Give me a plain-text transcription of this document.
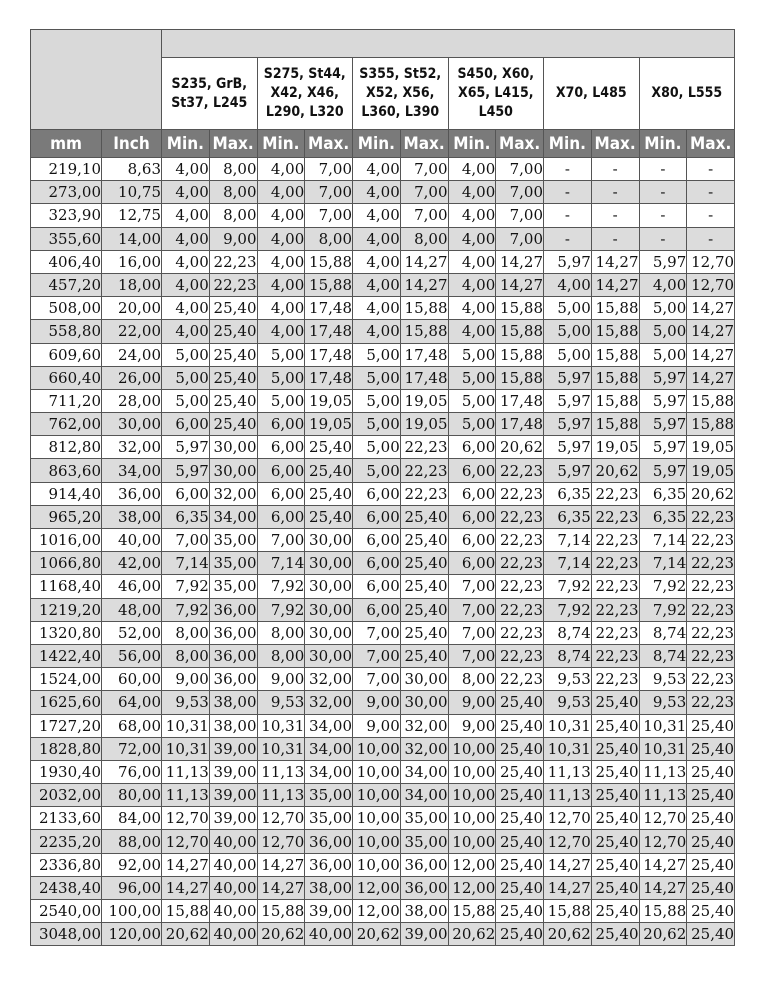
		S235, GrB,
St37, L245		S275, St44,
X42, X46,
L290, L320		S355, St52,
X52, X56,
L360, L390		S450, X60,
X65, L415,
L450		X70, L485		X80, L555	
mm	Inch	Min.	Max.	Min.	Max.	Min.	Max.	Min.	Max.	Min.	Max.	Min.	Max.
219,10	8,63	4,00	8,00	4,00	7,00	4,00	7,00	4,00	7,00	-	-	-	-
273,00	10,75	4,00	8,00	4,00	7,00	4,00	7,00	4,00	7,00	-	-	-	-
323,90	12,75	4,00	8,00	4,00	7,00	4,00	7,00	4,00	7,00	-	-	-	-
355,60	14,00	4,00	9,00	4,00	8,00	4,00	8,00	4,00	7,00	-	-	-	-
406,40	16,00	4,00	22,23	4,00	15,88	4,00	14,27	4,00	14,27	5,97	14,27	5,97	12,70
457,20	18,00	4,00	22,23	4,00	15,88	4,00	14,27	4,00	14,27	4,00	14,27	4,00	12,70
508,00	20,00	4,00	25,40	4,00	17,48	4,00	15,88	4,00	15,88	5,00	15,88	5,00	14,27
558,80	22,00	4,00	25,40	4,00	17,48	4,00	15,88	4,00	15,88	5,00	15,88	5,00	14,27
609,60	24,00	5,00	25,40	5,00	17,48	5,00	17,48	5,00	15,88	5,00	15,88	5,00	14,27
660,40	26,00	5,00	25,40	5,00	17,48	5,00	17,48	5,00	15,88	5,97	15,88	5,97	14,27
711,20	28,00	5,00	25,40	5,00	19,05	5,00	19,05	5,00	17,48	5,97	15,88	5,97	15,88
762,00	30,00	6,00	25,40	6,00	19,05	5,00	19,05	5,00	17,48	5,97	15,88	5,97	15,88
812,80	32,00	5,97	30,00	6,00	25,40	5,00	22,23	6,00	20,62	5,97	19,05	5,97	19,05
863,60	34,00	5,97	30,00	6,00	25,40	5,00	22,23	6,00	22,23	5,97	20,62	5,97	19,05
914,40	36,00	6,00	32,00	6,00	25,40	6,00	22,23	6,00	22,23	6,35	22,23	6,35	20,62
965,20	38,00	6,35	34,00	6,00	25,40	6,00	25,40	6,00	22,23	6,35	22,23	6,35	22,23
1016,00	40,00	7,00	35,00	7,00	30,00	6,00	25,40	6,00	22,23	7,14	22,23	7,14	22,23
1066,80	42,00	7,14	35,00	7,14	30,00	6,00	25,40	6,00	22,23	7,14	22,23	7,14	22,23
1168,40	46,00	7,92	35,00	7,92	30,00	6,00	25,40	7,00	22,23	7,92	22,23	7,92	22,23
1219,20	48,00	7,92	36,00	7,92	30,00	6,00	25,40	7,00	22,23	7,92	22,23	7,92	22,23
1320,80	52,00	8,00	36,00	8,00	30,00	7,00	25,40	7,00	22,23	8,74	22,23	8,74	22,23
1422,40	56,00	8,00	36,00	8,00	30,00	7,00	25,40	7,00	22,23	8,74	22,23	8,74	22,23
1524,00	60,00	9,00	36,00	9,00	32,00	7,00	30,00	8,00	22,23	9,53	22,23	9,53	22,23
1625,60	64,00	9,53	38,00	9,53	32,00	9,00	30,00	9,00	25,40	9,53	25,40	9,53	22,23
1727,20	68,00	10,31	38,00	10,31	34,00	9,00	32,00	9,00	25,40	10,31	25,40	10,31	25,40
1828,80	72,00	10,31	39,00	10,31	34,00	10,00	32,00	10,00	25,40	10,31	25,40	10,31	25,40
1930,40	76,00	11,13	39,00	11,13	34,00	10,00	34,00	10,00	25,40	11,13	25,40	11,13	25,40
2032,00	80,00	11,13	39,00	11,13	35,00	10,00	34,00	10,00	25,40	11,13	25,40	11,13	25,40
2133,60	84,00	12,70	39,00	12,70	35,00	10,00	35,00	10,00	25,40	12,70	25,40	12,70	25,40
2235,20	88,00	12,70	40,00	12,70	36,00	10,00	35,00	10,00	25,40	12,70	25,40	12,70	25,40
2336,80	92,00	14,27	40,00	14,27	36,00	10,00	36,00	12,00	25,40	14,27	25,40	14,27	25,40
2438,40	96,00	14,27	40,00	14,27	38,00	12,00	36,00	12,00	25,40	14,27	25,40	14,27	25,40
2540,00	100,00	15,88	40,00	15,88	39,00	12,00	38,00	15,88	25,40	15,88	25,40	15,88	25,40
3048,00	120,00	20,62	40,00	20,62	40,00	20,62	39,00	20,62	25,40	20,62	25,40	20,62	25,40
